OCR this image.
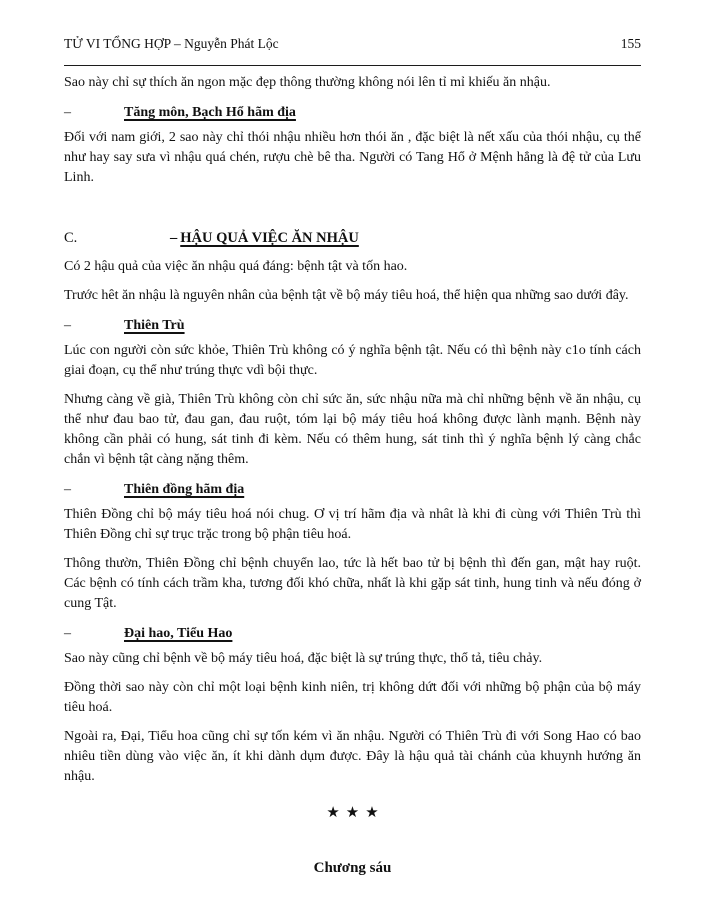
TỬ VI TỔNG HỢP – Nguyễn Phát Lộc	155

Sao này chỉ sự thích ăn ngon mặc đẹp thông thường không nói lên tỉ mỉ khiếu ăn nhậu.

–	Tăng môn, Bạch Hổ hãm địa

Đối với nam giới, 2 sao này chỉ thói nhậu nhiều hơn thói ăn , đặc biệt là nết xấu của thói nhậu, cụ thể như hay say sưa vì nhậu quá chén, rượu chè bê tha. Người có Tang Hổ ở Mệnh hẳng là đệ tử của Lưu Linh.

C.	– HẬU QUẢ VIỆC ĂN NHẬU

Có 2 hậu quả của việc ăn nhậu quá đáng: bệnh tật và tốn hao.

Trước hêt ăn nhậu là nguyên nhân của bệnh tật về bộ máy tiêu hoá, thể hiện qua những sao dưới đây.

–	Thiên Trù

Lúc con người còn sức khỏe, Thiên Trù không có ý nghĩa bệnh tật. Nếu có thì bệnh này c1o tính cách giai đoạn, cụ thể như trúng thực vdì bội thực.

Nhưng càng về già, Thiên Trù không còn chỉ sức ăn, sức nhậu nữa mà chỉ những bệnh về ăn nhậu, cụ thể như đau bao tử, đau gan, đau ruột, tóm lại bộ máy tiêu hoá không được lành mạnh. Bệnh này không cần phải có hung, sát tinh đi kèm. Nếu có thêm hung, sát tinh thì ý nghĩa bệnh lý càng chắc chắn vì bệnh tật càng nặng thêm.

–	Thiên đồng hãm địa

Thiên Đồng chỉ bộ máy tiêu hoá nói chug. Ơ vị trí hãm địa và nhât là khi đi cùng với Thiên Trù thì Thiên Đồng chỉ sự trục trặc trong bộ phận tiêu hoá.

Thông thườn, Thiên Đồng chỉ bệnh chuyển lao, tức là hết bao tử bị bệnh thì đến gan, mật hay ruột. Các bệnh có tính cách trầm kha, tương đối khó chữa, nhất là khi gặp sát tinh, hung tinh và nếu đóng ở cung Tật.

–	Đại hao, Tiểu Hao

Sao này cũng chỉ bệnh về bộ máy tiêu hoá, đặc biệt là sự trúng thực, thổ tả, tiêu chảy.

Đồng thời sao này còn chỉ một loại bệnh kinh niên, trị không dứt đối với những bộ phận của bộ máy tiêu hoá.

Ngoài ra, Đại, Tiểu hoa cũng chỉ sự tốn kém vì ăn nhậu. Người có Thiên Trù đi với Song Hao có bao nhiêu tiền dùng vào việc ăn, ít khi dành dụm được. Đây là hậu quả tài chánh của khuynh hướng ăn nhậu.

★★★
Chương sáu
